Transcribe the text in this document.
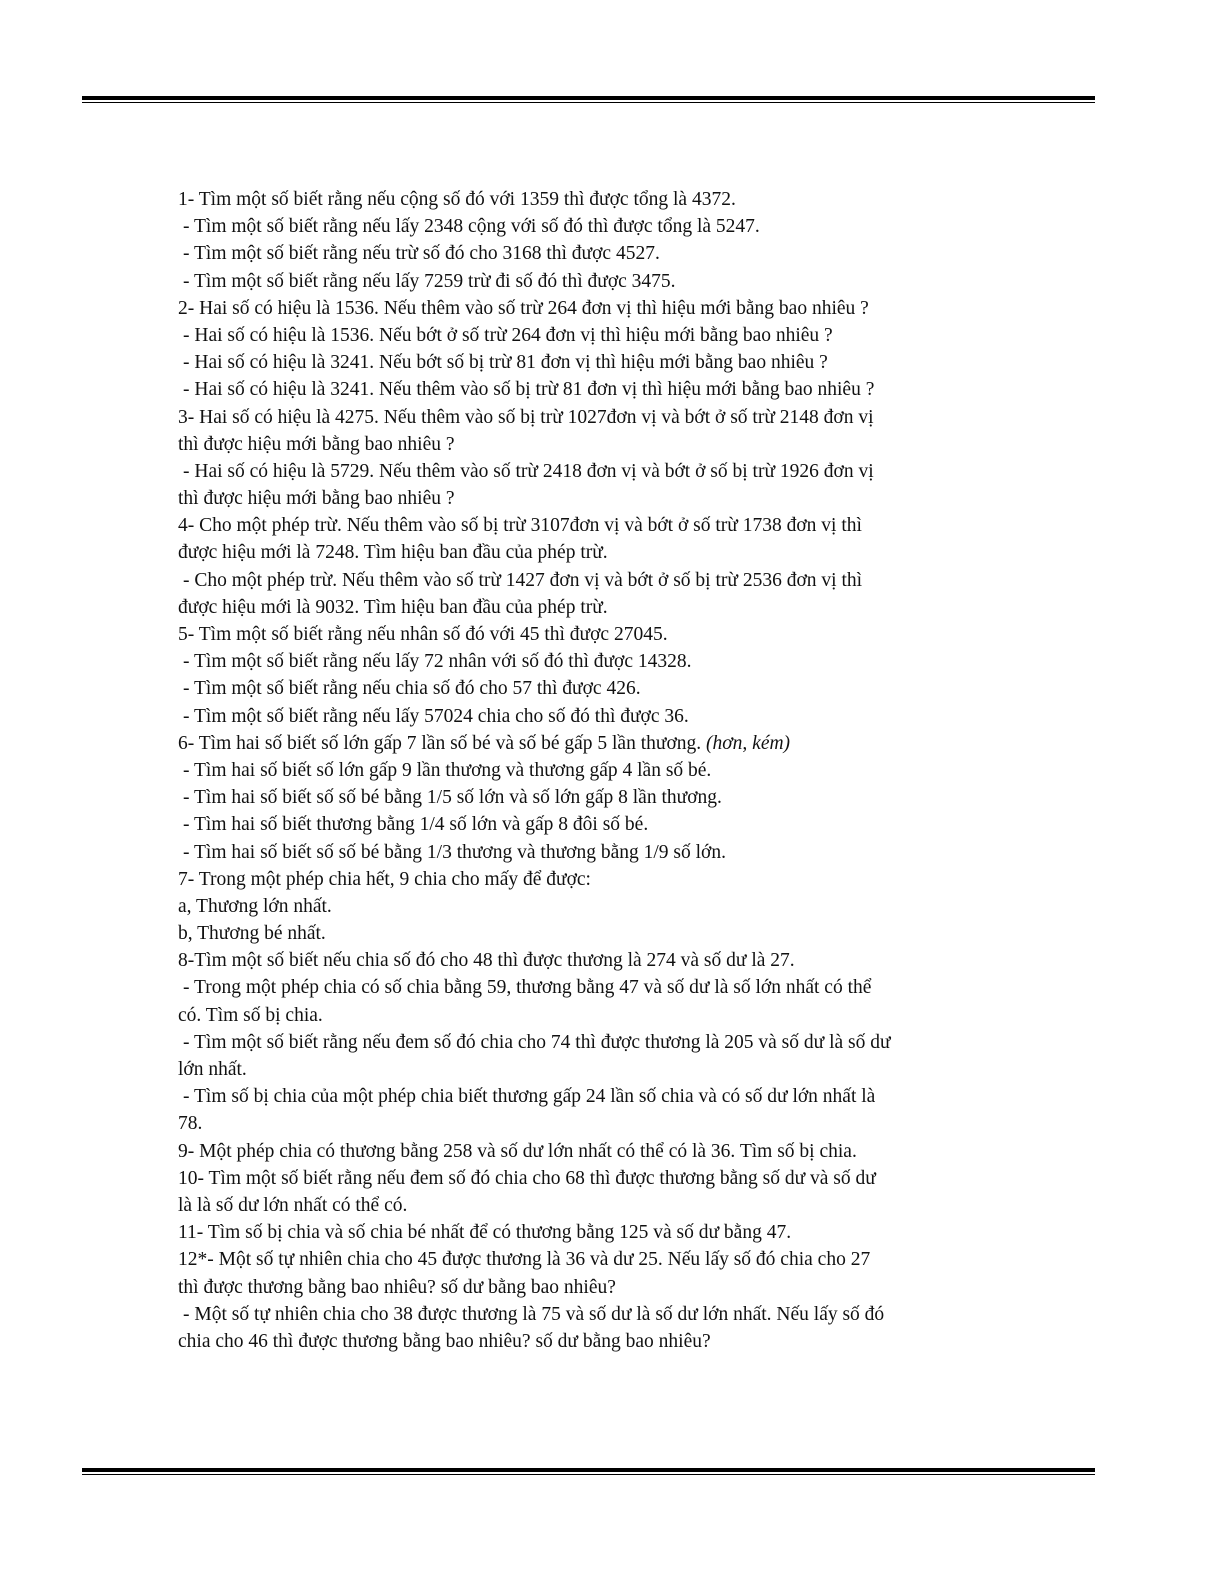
1- Tìm một số biết rằng nếu cộng số đó với 1359 thì được tổng là 4372.
- Tìm một số biết rằng nếu lấy 2348 cộng với số đó thì được tổng là 5247.
- Tìm một số biết rằng nếu trừ số đó cho 3168 thì được 4527.
- Tìm một số biết rằng nếu lấy 7259 trừ đi số đó thì được 3475.
2- Hai số có hiệu là 1536. Nếu thêm vào số trừ 264 đơn vị thì hiệu mới bằng bao nhiêu ?
- Hai số có hiệu là 1536. Nếu bớt ở số trừ 264 đơn vị thì hiệu mới bằng bao nhiêu ?
- Hai số có hiệu là 3241. Nếu bớt số bị trừ 81 đơn vị thì hiệu mới bằng bao nhiêu ?
- Hai số có hiệu là 3241. Nếu thêm vào số bị trừ 81 đơn vị thì hiệu mới bằng bao nhiêu ?
3- Hai số có hiệu là 4275. Nếu thêm vào số bị trừ 1027đơn vị và bớt ở số trừ 2148 đơn vị
thì được hiệu mới bằng bao nhiêu ?
- Hai số có hiệu là 5729. Nếu thêm vào số trừ 2418 đơn vị và bớt ở số bị trừ 1926 đơn vị
thì được hiệu mới bằng bao nhiêu ?
4- Cho một phép trừ. Nếu thêm vào số bị trừ 3107đơn vị và bớt ở số trừ 1738 đơn vị thì
được hiệu mới là 7248. Tìm hiệu ban đầu của phép trừ.
- Cho một phép trừ. Nếu thêm vào số trừ 1427 đơn vị và bớt ở số bị trừ 2536 đơn vị thì
được hiệu mới là 9032. Tìm hiệu ban đầu của phép trừ.
5- Tìm một số biết rằng nếu nhân số đó với 45 thì được 27045.
- Tìm một số biết rằng nếu lấy 72 nhân với số đó thì được 14328.
- Tìm một số biết rằng nếu chia số đó cho 57 thì được 426.
- Tìm một số biết rằng nếu lấy 57024 chia cho số đó thì được 36.
6- Tìm hai số biết số lớn gấp 7 lần số bé và số bé gấp 5 lần thương. (hơn, kém)
- Tìm hai số biết số lớn gấp 9 lần thương và thương gấp 4 lần số bé.
- Tìm hai số biết số số bé bằng 1/5 số lớn và số lớn gấp 8 lần thương.
- Tìm hai số biết thương bằng 1/4 số lớn và gấp 8 đôi số bé.
- Tìm hai số biết số số bé bằng 1/3 thương và thương bằng 1/9 số lớn.
7- Trong một phép chia hết, 9 chia cho mấy để được:
a, Thương lớn nhất.
b, Thương bé nhất.
8-Tìm một số biết nếu chia số đó cho 48 thì được thương là 274 và số dư là 27.
- Trong một phép chia có số chia bằng 59, thương bằng 47 và số dư là số lớn nhất có thể
có. Tìm số bị chia.
- Tìm một số biết rằng nếu đem số đó chia cho 74 thì được thương là 205 và số dư là số dư
lớn nhất.
- Tìm số bị chia của một phép chia biết thương gấp 24 lần số chia và có số dư lớn nhất là
78.
9- Một phép chia có thương bằng 258 và số dư lớn nhất có thể có là 36. Tìm số bị chia.
10- Tìm một số biết rằng nếu đem số đó chia cho 68 thì được thương bằng số dư và số dư
là là số dư lớn nhất có thể có.
11- Tìm số bị chia và số chia bé nhất để có thương bằng 125 và số dư bằng 47.
12*- Một số tự nhiên chia cho 45 được thương là 36 và dư 25. Nếu lấy số đó chia cho 27
thì được thương bằng bao nhiêu? số dư bằng bao nhiêu?
- Một số tự nhiên chia cho 38 được thương là 75 và số dư là số dư lớn nhất. Nếu lấy số đó
chia cho 46 thì được thương bằng bao nhiêu? số dư bằng bao nhiêu?
